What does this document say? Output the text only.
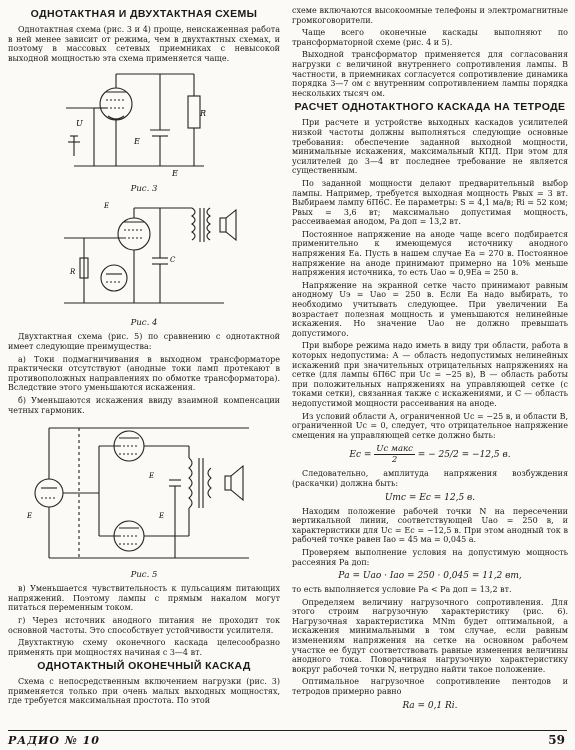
ОДНОТАКТНАЯ И ДВУХТАКТНАЯ СХЕМЫ

Однотактная схема (рис. 3 и 4) проще, неискаженная работа в ней менее зависит от режима, чем в двухтактных схемах, и поэтому в массовых сетевых приемниках с невысокой выходной мощностью эта схема применяется чаще.

U
R
E
E
Рис. 3
E
C
R
Рис. 4

Двухтактная схема (рис. 5) по сравнению с однотактной имеет следующие преимущества:

а) Токи подмагничивания в выходном трансформаторе практически отсутствуют (анодные токи ламп протекают в противоположных направлениях по обмотке трансформатора). Вследствие этого уменьшаются искажения.

б) Уменьшаются искажения ввиду взаимной компенсации четных гармоник.

E
E	E
Рис. 5

в) Уменьшается чувствительность к пульсациям питающих напряжений. Поэтому лампы с прямым накалом могут питаться переменным током.

г) Через источник анодного питания не проходит ток основной частоты. Это способствует устойчивости усилителя.

Двухтактную схему оконечного каскада целесообразно применять при мощностях начиная с 3—4 вт.

ОДНОТАКТНЫЙ ОКОНЕЧНЫЙ КАСКАД

Схема с непосредственным включением нагрузки (рис. 3) применяется только при очень малых выходных мощностях, где требуется максимальная простота. По этой

схеме включаются высокоомные телефоны и электромагнитные громкоговорители.

Чаще всего оконечные каскады выполняют по трансформаторной схеме (рис. 4 и 5).

Выходной трансформатор применяется для согласования нагрузки с величиной внутреннего сопротивления лампы. В частности, в приемниках согласуется сопротивление динамика порядка 3—7 ом с внутренним сопротивлением лампы порядка нескольких тысяч ом.

РАСЧЕТ ОДНОТАКТНОГО КАСКАДА НА ТЕТРОДЕ

При расчете и устройстве выходных каскадов усилителей низкой частоты должны выполняться следующие основные требования: обеспечение заданной выходной мощности, минимальные искажения, максимальный КПД. При этом для усилителей до 3—4 вт последнее требование не является существенным.

По заданной мощности делают предварительный выбор лампы. Например, требуется выходная мощность Pвых = 3 вт. Выбираем лампу 6П6С. Ее параметры: S = 4,1 ма/в; Ri = 52 ком; Pвых = 3,6 вт; максимально допустимая мощность, рассеиваемая анодом, Pа доп = 13,2 вт.

Постоянное напряжение на аноде чаще всего подбирается применительно к имеющемуся источнику анодного напряжения Eа. Пусть в нашем случае Eа = 270 в. Постоянное напряжение на аноде принимают примерно на 10% меньше напряжения источника, то есть Uао ≈ 0,9Eа = 250 в.

Напряжение на экранной сетке часто принимают равным анодному Uэ = Uао = 250 в. Если Eа надо выбирать, то необходимо учитывать следующее. При увеличении Eа возрастает полезная мощность и уменьшаются нелинейные искажения. Но значение Uао не должно превышать допустимого.

При выборе режима надо иметь в виду три области, работа в которых недопустима: А — область недопустимых нелинейных искажений при значительных отрицательных напряжениях на сетке (для лампы 6П6С при Uc = −25 в), В — область работы при положительных напряжениях на управляющей сетке (с токами сетки), связанная также с искажениями, и С — область недопустимой мощности рассеивания на аноде.

Из условий области А, ограниченной Uc = −25 в, и области В, ограниченной Uc = 0, следует, что отрицательное напряжение смещения на управляющей сетке должно быть:

$Ec = \frac{\text{Uc макс}}{2}$ = − 25/2 = −12,5 в.

Следовательно, амплитуда напряжения возбуждения (раскачки) должна быть:

Umc = Ec = 12,5 в.

Находим положение рабочей точки N на пересечении вертикальной линии, соответствующей Uао = 250 в, и характеристики для Uc = Ec = −12,5 в. При этом анодный ток в рабочей точке равен Iао = 45 ма = 0,045 а.

Проверяем выполнение условия на допустимую мощность рассеяния Pа доп:

Pа = Uао · Iао = 250 · 0,045 = 11,2 вт,

то есть выполняется условие Pа < Pа доп = 13,2 вт.

Определяем величину нагрузочного сопротивления. Для этого строим нагрузочную характеристику (рис. 6). Нагрузочная характеристика MNm будет оптимальной, а искажения минимальными в том случае, если равным изменениям напряжения на сетке на основном рабочем участке ее будут соответствовать равные изменения величины анодного тока. Поворачивая нагрузочную характеристику вокруг рабочей точки N, нетрудно найти такое положение.

Оптимальное нагрузочное сопротивление пентодов и тетродов примерно равно

Rа = 0,1 Ri.
РАДИО № 10	59
